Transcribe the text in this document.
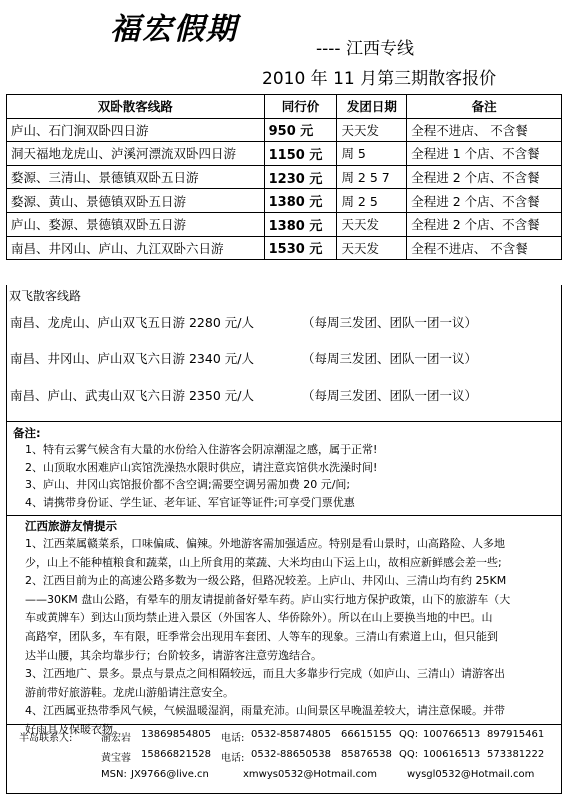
福宏假期
---- 江西专线
2010 年 11 月第三期散客报价
双卧散客线路	同行价	发团日期	备注
庐山、石门涧双卧四日游	950 元	天天发	全程不进店、 不含餐
洞天福地龙虎山、泸溪河漂流双卧四日游	1150 元	周 5	全程进 1 个店、不含餐
婺源、三清山、景德镇双卧五日游	1230 元	周 2 5 7	全程进 2 个店、不含餐
婺源、黄山、景德镇双卧五日游	1380 元	周 2 5	全程进 2 个店、不含餐
庐山、婺源、景德镇双卧五日游	1380 元	天天发	全程进 2 个店、不含餐
南昌、井冈山、庐山、九江双卧六日游	1530 元	天天发	全程不进店、 不含餐
双飞散客线路
南昌、龙虎山、庐山双飞五日游 2280 元/人	（每周三发团、团队一团一议）
南昌、井冈山、庐山双飞六日游 2340 元/人	（每周三发团、团队一团一议）
南昌、庐山、武夷山双飞六日游 2350 元/人	（每周三发团、团队一团一议）
备注:
1、特有云雾气候含有大量的水份给入住游客会阴凉潮湿之感，属于正常!
2、山顶取水困难庐山宾馆洗澡热水限时供应，请注意宾馆供水洗澡时间!
3、庐山、井冈山宾馆报价都不含空调;需要空调另需加费 20 元/间;
4、请携带身份证、学生证、老年证、军官证等证件;可享受门票优惠
江西旅游友情提示
1、江西菜属赣菜系，口味偏咸、偏辣。外地游客需加强适应。特别是看山景时，山高路险、人多地
少，山上不能种植粮食和蔬菜，山上所食用的菜蔬、大米均由山下运上山，故相应新鲜感会差一些;
2、江西目前为止的高速公路多数为一级公路，但路况较差。上庐山、井冈山、三清山均有约 25KM
——30KM 盘山公路，有晕车的朋友请提前备好晕车药。庐山实行地方保护政策，山下的旅游车（大
车或黄牌车）到达山顶均禁止进入景区（外国客人、华侨除外）。所以在山上要换当地的中巴。山
高路窄，团队多，车有限，旺季常会出现用车套团、人等车的现象。三清山有索道上山，但只能到
达半山腰，其余均靠步行；台阶较多，请游客注意劳逸结合。
3、江西地广、景多。景点与景点之间相隔较远，而且大多靠步行完成（如庐山、三清山）请游客出
游前带好旅游鞋。龙虎山游船请注意安全。
4、江西属亚热带季风气候，气候温暖湿润，雨量充沛。山间景区早晚温差较大，请注意保暖。并带
好雨具及保暖衣物。
半岛联系人:	渝宏岩 13869854805 电话: 0532-85874805 66615155 QQ: 100766513 897915461
黄宝蓉 15866821528 电话: 0532-88650538 85876538 QQ: 100616513 573381222
MSN: JX9766@live.cn	xmwys0532@Hotmail.com	wysgl0532@Hotmail.com
